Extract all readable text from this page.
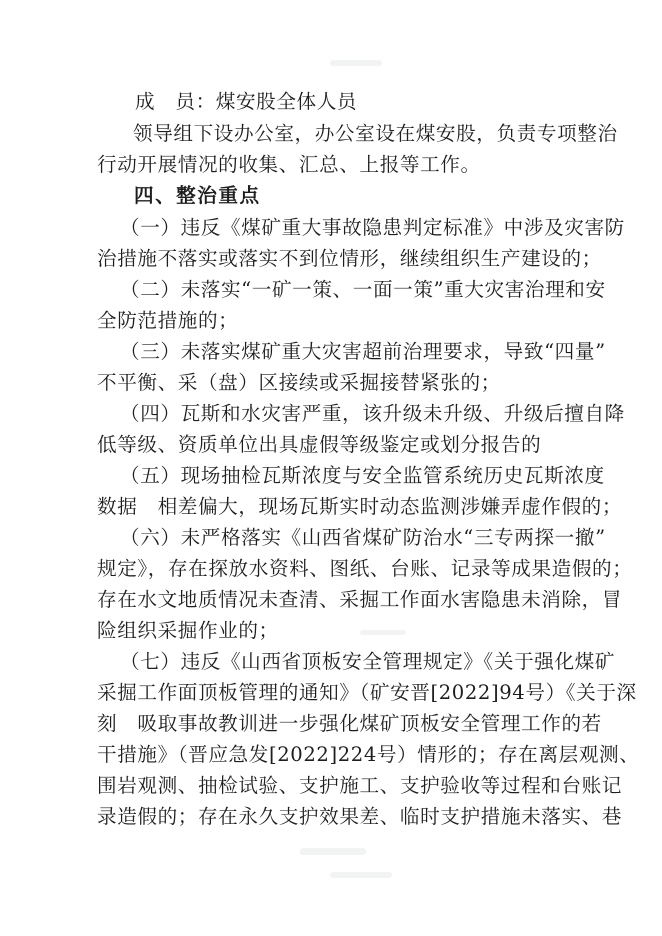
成　员：煤安股全体人员
领导组下设办公室，办公室设在煤安股，负责专项整治
行动开展情况的收集、汇总、上报等工作。
四、整治重点
（一）违反《煤矿重大事故隐患判定标准》中涉及灾害防
治措施不落实或落实不到位情形，继续组织生产建设的；
（二）未落实“一矿一策、一面一策”重大灾害治理和安
全防范措施的；
（三）未落实煤矿重大灾害超前治理要求，导致“四量”
不平衡、采（盘）区接续或采掘接替紧张的；
（四）瓦斯和水灾害严重，该升级未升级、升级后擅自降
低等级、资质单位出具虚假等级鉴定或划分报告的
（五）现场抽检瓦斯浓度与安全监管系统历史瓦斯浓度
数据　相差偏大，现场瓦斯实时动态监测涉嫌弄虚作假的；
（六）未严格落实《山西省煤矿防治水“三专两探一撤”
规定》，存在探放水资料、图纸、台账、记录等成果造假的；
存在水文地质情况未查清、采掘工作面水害隐患未消除，冒
险组织采掘作业的；
（七）违反《山西省顶板安全管理规定》《关于强化煤矿
采掘工作面顶板管理的通知》（矿安晋[2022]94号）《关于深
刻　吸取事故教训进一步强化煤矿顶板安全管理工作的若
干措施》（晋应急发[2022]224号）情形的；存在离层观测、
围岩观测、抽检试验、支护施工、支护验收等过程和台账记
录造假的；存在永久支护效果差、临时支护措施未落实、巷
